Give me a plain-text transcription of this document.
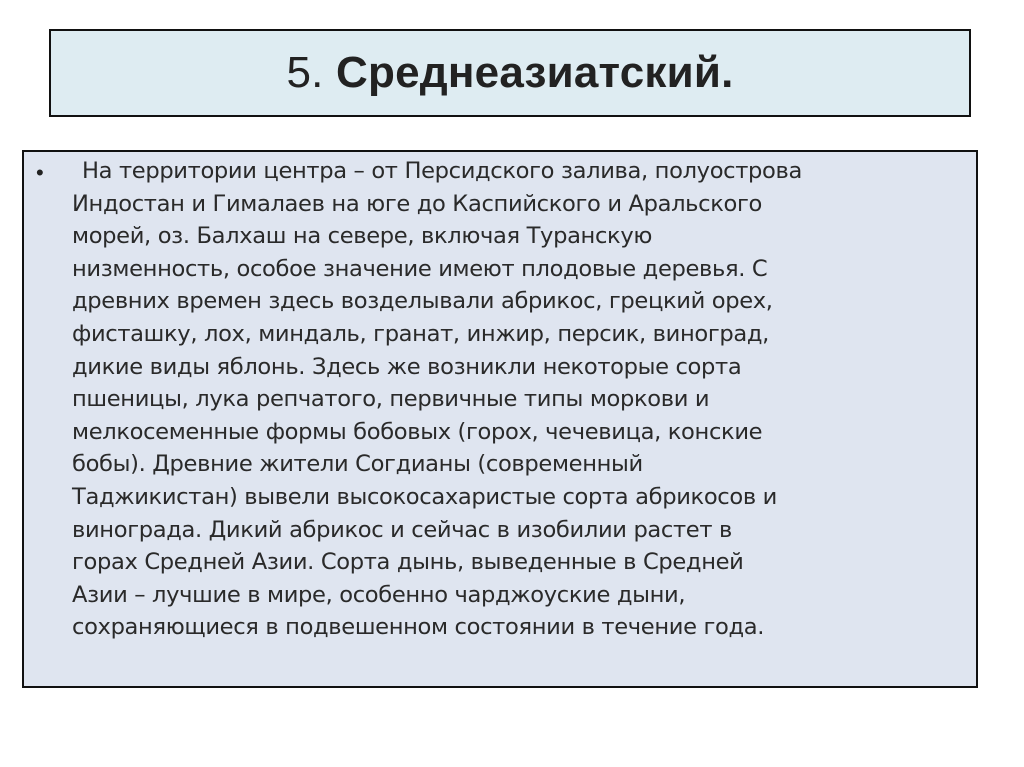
5. Среднеазиатский.
•	На территории центра – от Персидского залива, полуострова
Индостан и Гималаев на юге до Каспийского и Аральского
морей, оз. Балхаш на севере, включая Туранскую
низменность, особое значение имеют плодовые деревья. С
древних времен здесь возделывали абрикос, грецкий орех,
фисташку, лох, миндаль, гранат, инжир, персик, виноград,
дикие виды яблонь. Здесь же возникли некоторые сорта
пшеницы, лука репчатого, первичные типы моркови и
мелкосеменные формы бобовых (горох, чечевица, конские
бобы). Древние жители Согдианы (современный
Таджикистан) вывели высокосахаристые сорта абрикосов и
винограда. Дикий абрикос и сейчас в изобилии растет в
горах Средней Азии. Сорта дынь, выведенные в Средней
Азии – лучшие в мире, особенно чарджоуские дыни,
сохраняющиеся в подвешенном состоянии в течение года.
